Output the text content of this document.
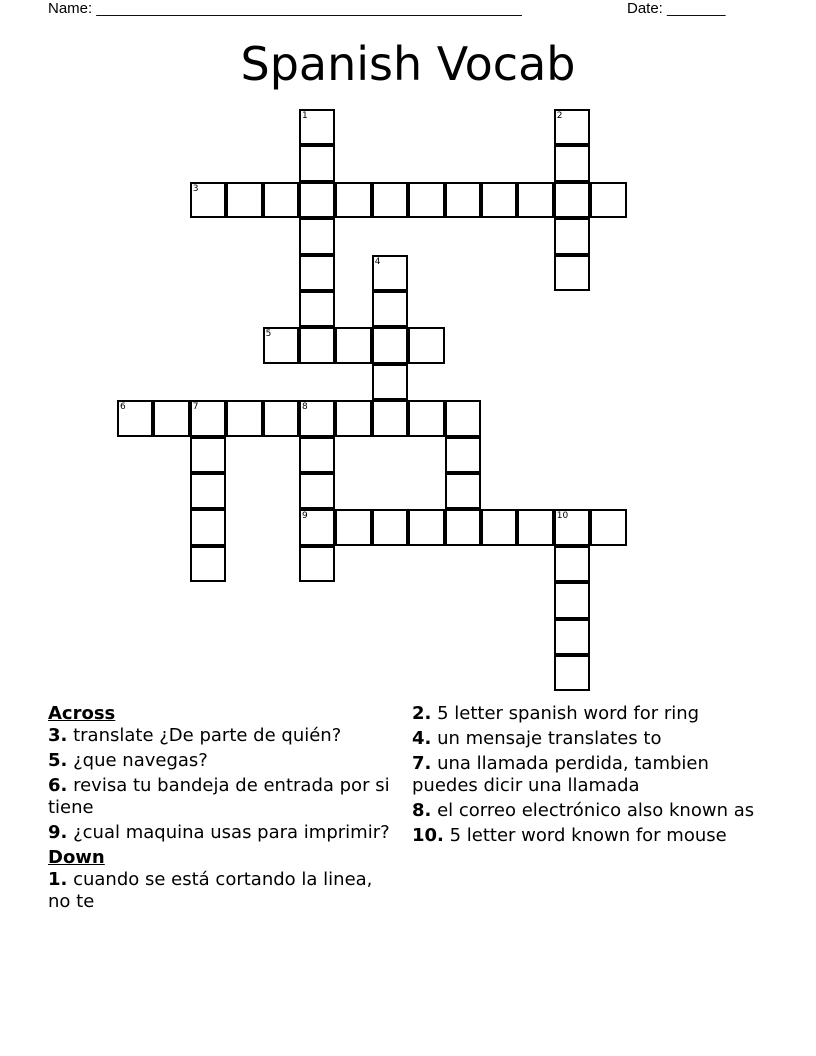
Name: ___________________________________________________	Date: _______
Spanish Vocab
1	2
3
4
5
6	7	8
9	10

Across

3. translate ¿De parte de quién?

5. ¿que navegas?

6. revisa tu bandeja de entrada por si tiene

9. ¿cual maquina usas para imprimir?

Down

1. cuando se está cortando la linea, no te

2. 5 letter spanish word for ring

4. un mensaje translates to

7. una llamada perdida, tambien puedes dicir una llamada

8. el correo electrónico also known as

10. 5 letter word known for mouse
